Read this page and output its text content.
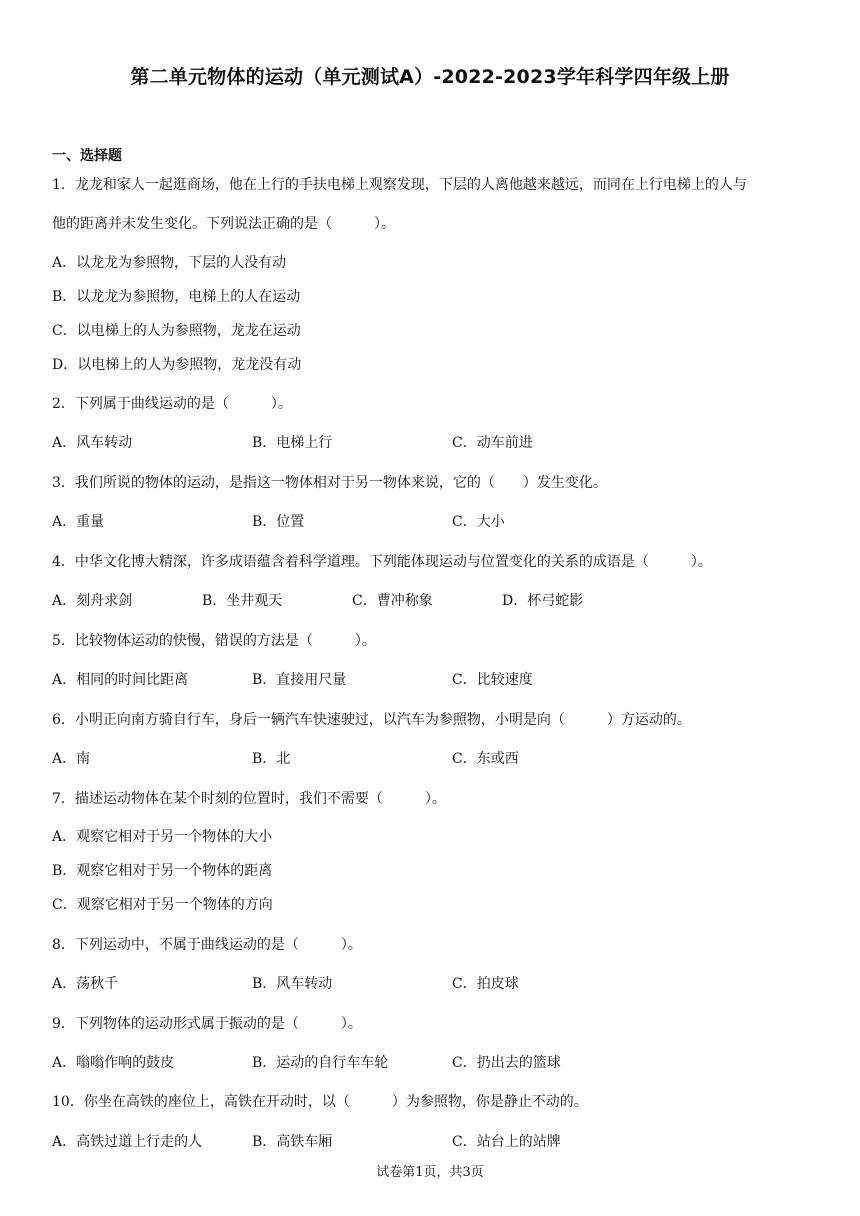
第二单元物体的运动（单元测试A）-2022-2023学年科学四年级上册
一、选择题
1．龙龙和家人一起逛商场，他在上行的手扶电梯上观察发现，下层的人离他越来越远，而同在上行电梯上的人与
他的距离并未发生变化。下列说法正确的是（　　　）。
A．以龙龙为参照物，下层的人没有动
B．以龙龙为参照物，电梯上的人在运动
C．以电梯上的人为参照物，龙龙在运动
D．以电梯上的人为参照物，龙龙没有动
2．下列属于曲线运动的是（　　　）。
A．风车转动	B．电梯上行	C．动车前进
3．我们所说的物体的运动，是指这一物体相对于另一物体来说，它的（　　）发生变化。
A．重量	B．位置	C．大小
4．中华文化博大精深，许多成语蕴含着科学道理。下列能体现运动与位置变化的关系的成语是（　　　）。
A．刻舟求剑	B．坐井观天	C．曹冲称象	D．杯弓蛇影
5．比较物体运动的快慢，错误的方法是（　　　）。
A．相同的时间比距离	B．直接用尺量	C．比较速度
6．小明正向南方骑自行车，身后一辆汽车快速驶过，以汽车为参照物，小明是向（　　　）方运动的。
A．南	B．北	C．东或西
7．描述运动物体在某个时刻的位置时，我们不需要（　　　）。
A．观察它相对于另一个物体的大小
B．观察它相对于另一个物体的距离
C．观察它相对于另一个物体的方向
8．下列运动中，不属于曲线运动的是（　　　）。
A．荡秋千	B．风车转动	C．拍皮球
9．下列物体的运动形式属于振动的是（　　　）。
A．嗡嗡作响的鼓皮	B．运动的自行车车轮	C．扔出去的篮球
10．你坐在高铁的座位上，高铁在开动时，以（　　　）为参照物，你是静止不动的。
A．高铁过道上行走的人	B．高铁车厢	C．站台上的站牌
试卷第1页，共3页
